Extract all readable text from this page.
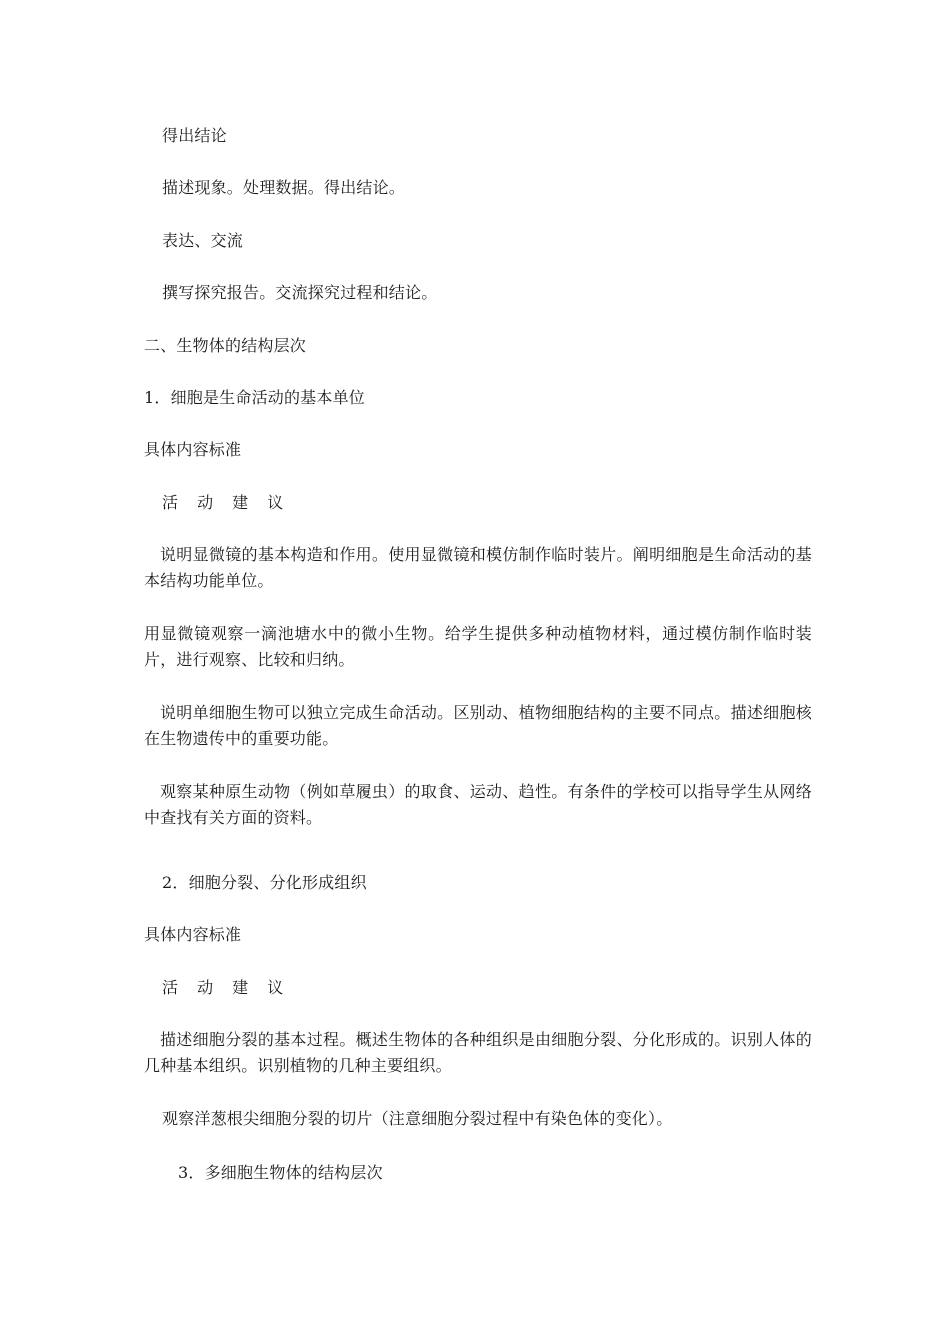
得出结论
描述现象。处理数据。得出结论。
表达、交流
撰写探究报告。交流探究过程和结论。
二、生物体的结构层次
1．细胞是生命活动的基本单位
具体内容标准
活 动 建 议
说明显微镜的基本构造和作用。使用显微镜和模仿制作临时装片。阐明细胞是生命活动的基本结构功能单位。
用显微镜观察一滴池塘水中的微小生物。给学生提供多种动植物材料，通过模仿制作临时装片，进行观察、比较和归纳。
说明单细胞生物可以独立完成生命活动。区别动、植物细胞结构的主要不同点。描述细胞核在生物遗传中的重要功能。
观察某种原生动物（例如草履虫）的取食、运动、趋性。有条件的学校可以指导学生从网络中查找有关方面的资料。
2．细胞分裂、分化形成组织
具体内容标准
活 动 建 议
描述细胞分裂的基本过程。概述生物体的各种组织是由细胞分裂、分化形成的。识别人体的几种基本组织。识别植物的几种主要组织。
观察洋葱根尖细胞分裂的切片（注意细胞分裂过程中有染色体的变化）。
3．多细胞生物体的结构层次
